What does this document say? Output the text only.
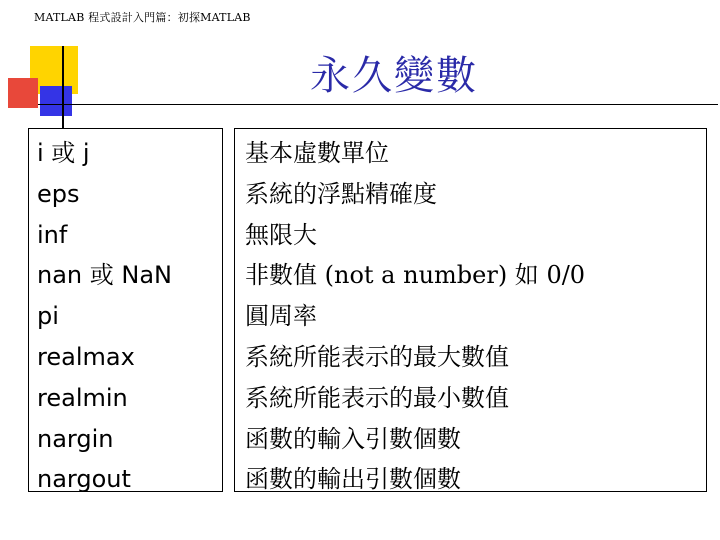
MATLAB 程式設計入門篇：初探MATLAB
永久變數
i 或 j
eps
inf
nan 或 NaN
pi
realmax
realmin
nargin
nargout
基本虛數單位
系統的浮點精確度
無限大
非數值 (not a number) 如 0/0
圓周率
系統所能表示的最大數值
系統所能表示的最小數值
函數的輸入引數個數
函數的輸出引數個數
